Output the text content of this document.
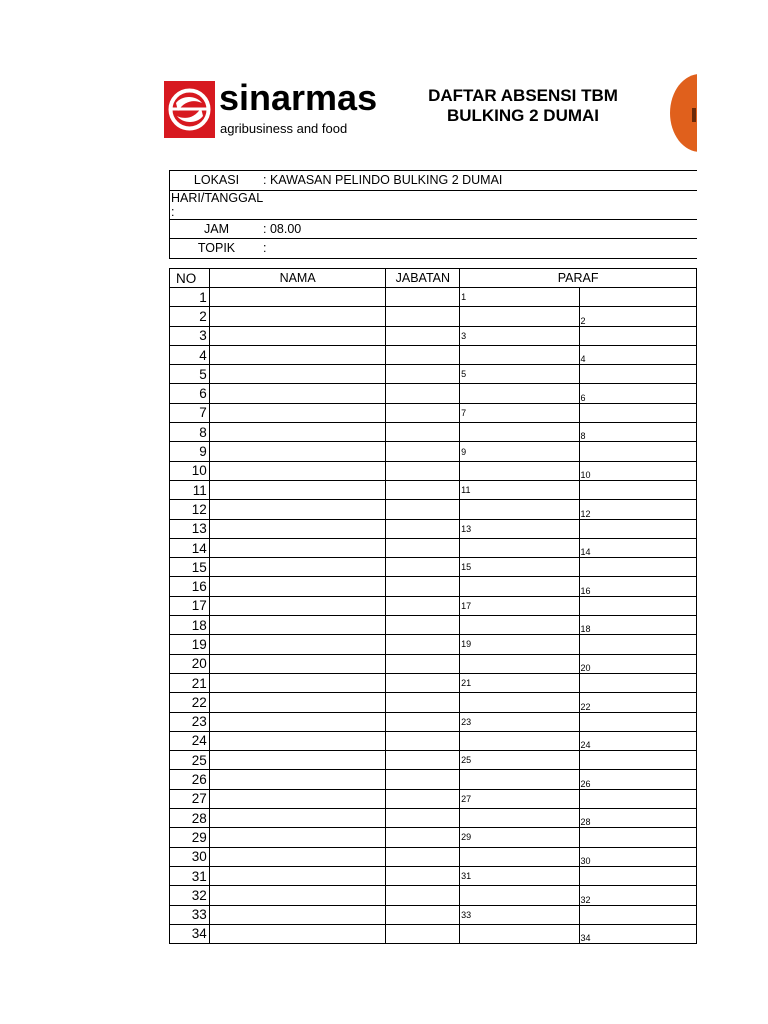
sinarmas
agribusiness and food
DAFTAR ABSENSI TBM
BULKING 2 DUMAI
LOKASI	: KAWASAN PELINDO BULKING 2 DUMAI
HARI/TANGGAL :	
JAM	: 08.00
TOPIK	:
NO	NAMA	JABATAN	PARAF	
1			1	

2				2

3			3	

4				4

5			5	

6				6

7			7	

8				8

9			9	

10				10

11			11	

12				12

13			13	

14				14

15			15	

16				16

17			17	

18				18

19			19	

20				20

21			21	

22				22

23			23	

24				24

25			25	

26				26

27			27	

28				28

29			29	

30				30

31			31	

32				32

33			33	

34				34
